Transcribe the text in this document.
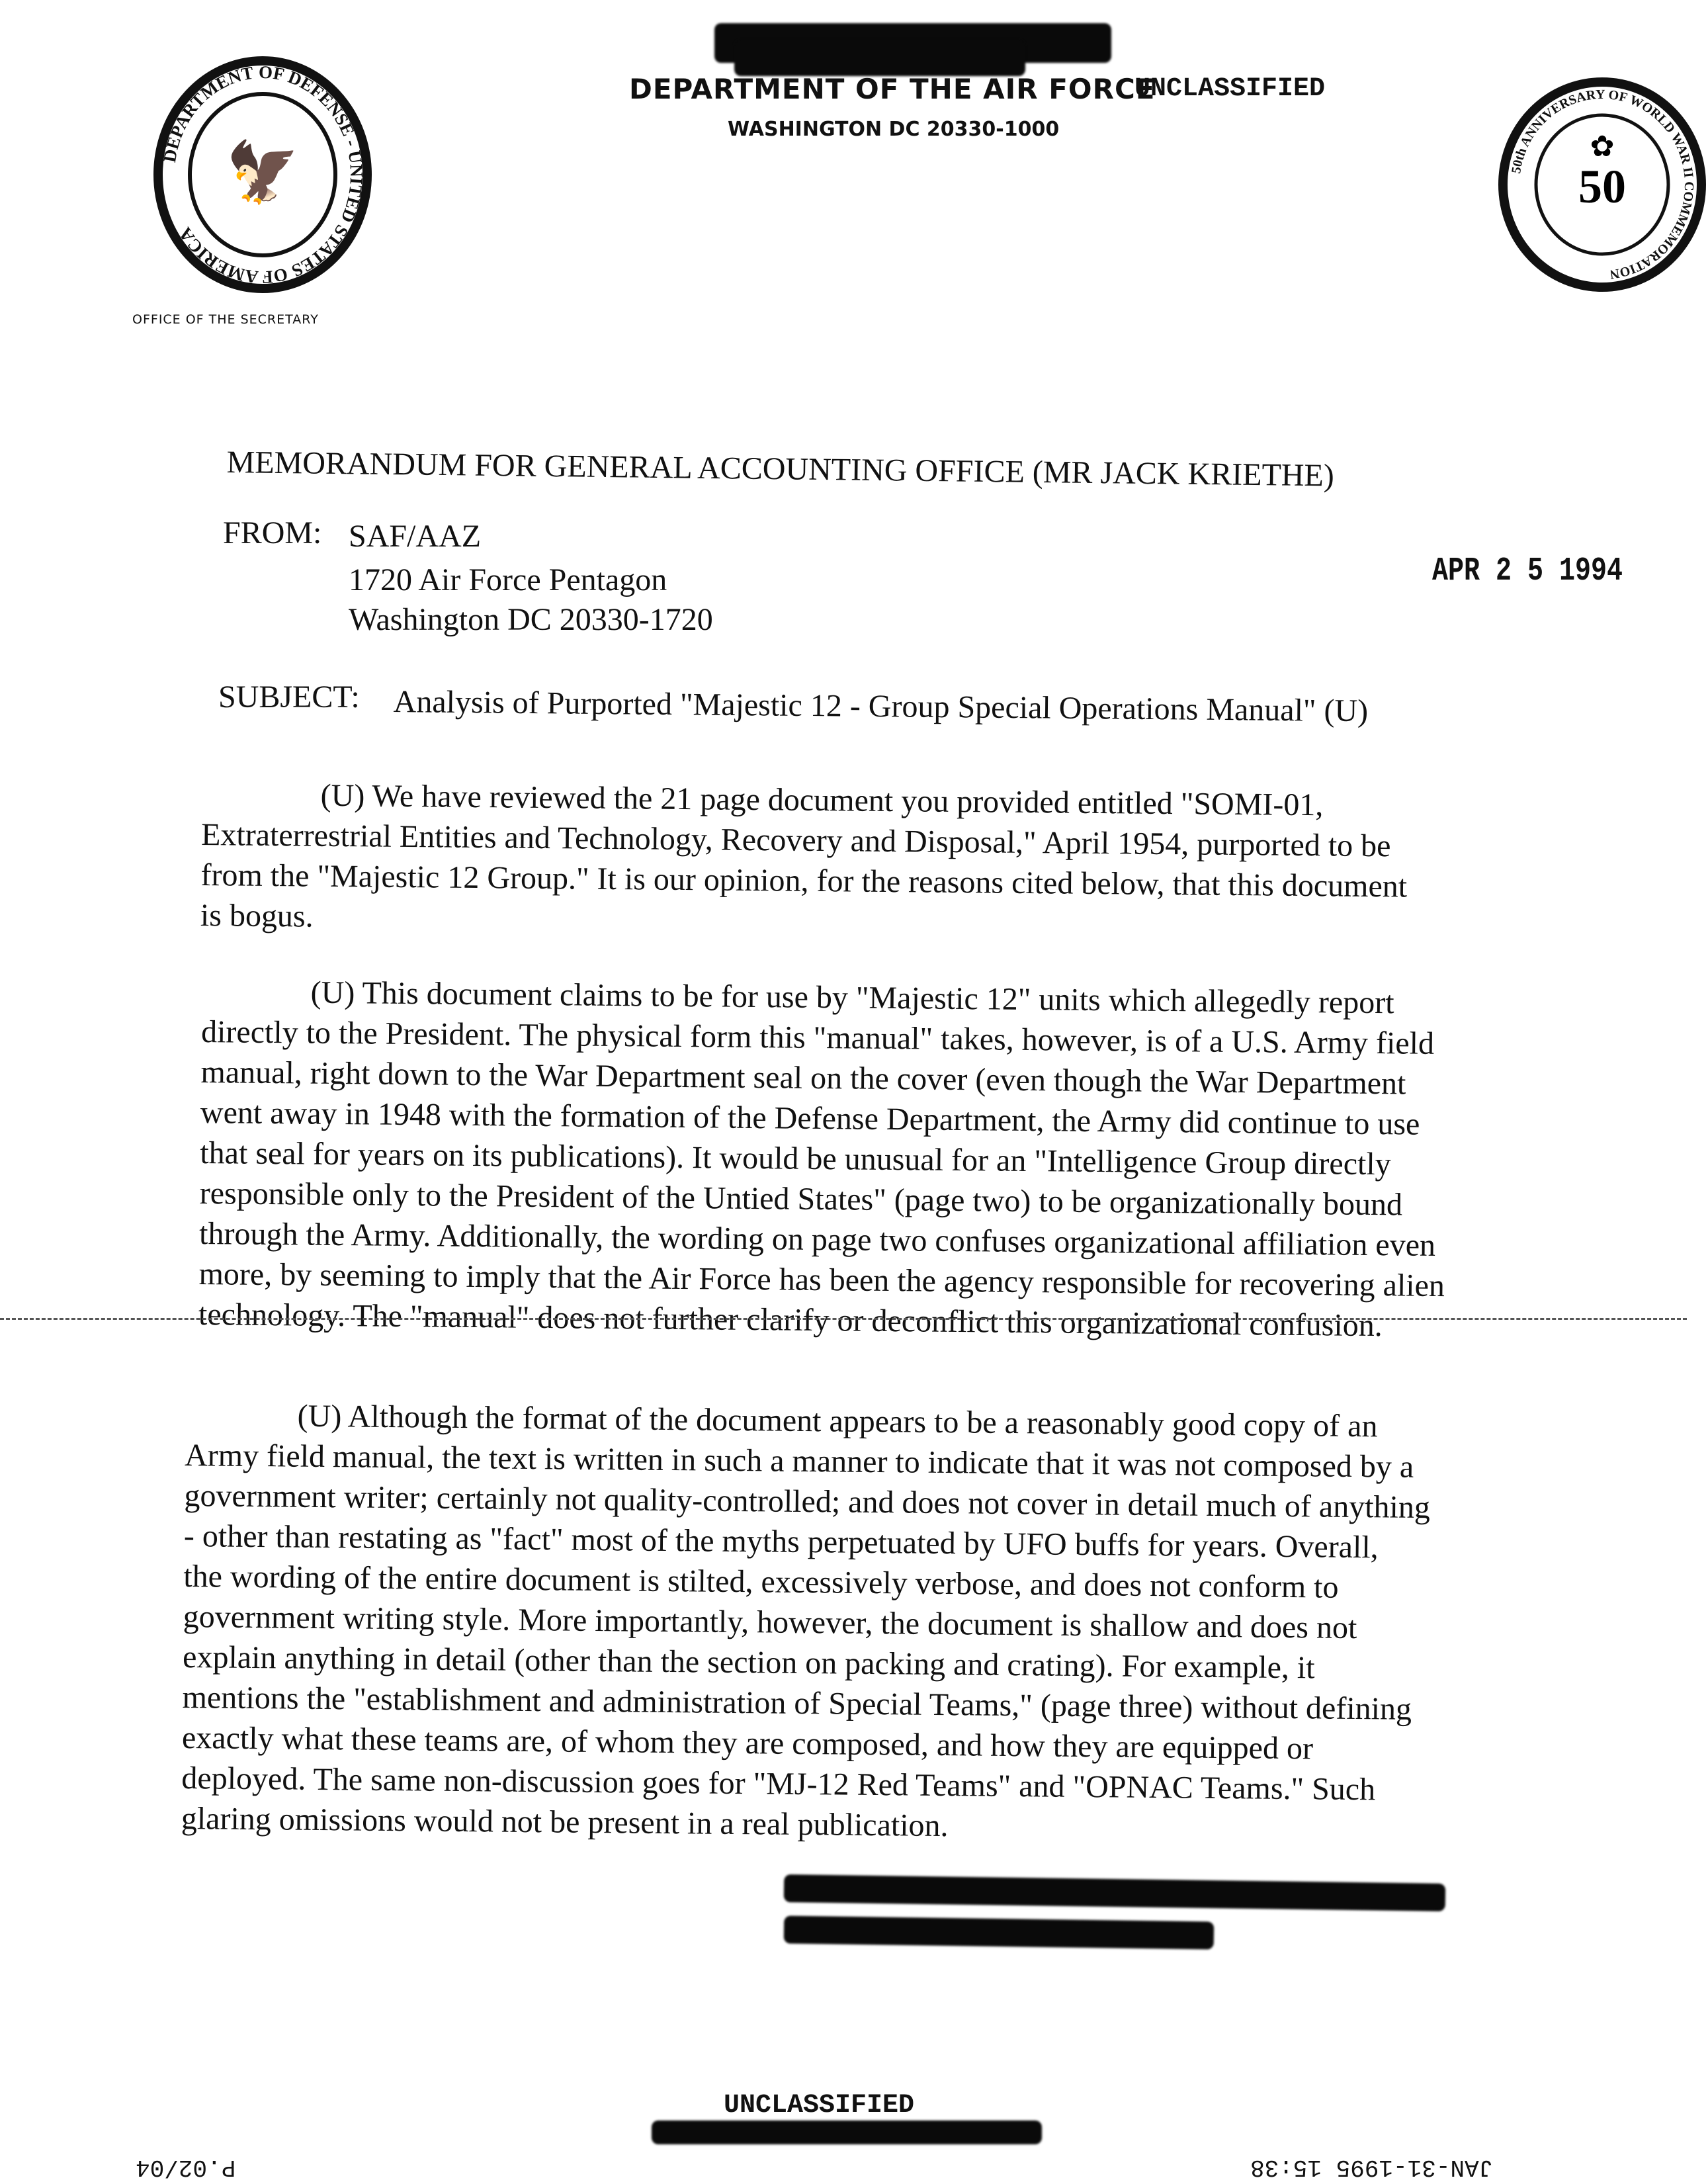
DEPARTMENT OF DEFENSE - UNITED STATES OF AMERICA
🦅
DEPARTMENT OF THE AIR FORCE
UNCLASSIFIED
WASHINGTON DC 20330-1000
OFFICE OF THE SECRETARY
50th ANNIVERSARY OF WORLD WAR II COMMEMORATION
✿
50
MEMORANDUM FOR GENERAL ACCOUNTING OFFICE (MR JACK KRIETHE)
FROM: SAF/AAZ
1720 Air Force Pentagon
Washington DC 20330-1720
APR 2 5 1994
SUBJECT: Analysis of Purported "Majestic 12 - Group Special Operations Manual" (U)
(U) We have reviewed the 21 page document you provided entitled "SOMI-01,
Extraterrestrial Entities and Technology, Recovery and Disposal," April 1954, purported to be
from the "Majestic 12 Group." It is our opinion, for the reasons cited below, that this document
is bogus.
(U) This document claims to be for use by "Majestic 12" units which allegedly report
directly to the President. The physical form this "manual" takes, however, is of a U.S. Army field
manual, right down to the War Department seal on the cover (even though the War Department
went away in 1948 with the formation of the Defense Department, the Army did continue to use
that seal for years on its publications). It would be unusual for an "Intelligence Group directly
responsible only to the President of the Untied States" (page two) to be organizationally bound
through the Army. Additionally, the wording on page two confuses organizational affiliation even
more, by seeming to imply that the Air Force has been the agency responsible for recovering alien
technology. The "manual" does not further clarify or deconflict this organizational confusion.
(U) Although the format of the document appears to be a reasonably good copy of an
Army field manual, the text is written in such a manner to indicate that it was not composed by a
government writer; certainly not quality-controlled; and does not cover in detail much of anything
- other than restating as "fact" most of the myths perpetuated by UFO buffs for years. Overall,
the wording of the entire document is stilted, excessively verbose, and does not conform to
government writing style. More importantly, however, the document is shallow and does not
explain anything in detail (other than the section on packing and crating). For example, it
mentions the "establishment and administration of Special Teams," (page three) without defining
exactly what these teams are, of whom they are composed, and how they are equipped or
deployed. The same non-discussion goes for "MJ-12 Red Teams" and "OPNAC Teams." Such
glaring omissions would not be present in a real publication.
UNCLASSIFIED
JAN-31-1995 15:38
P.02/04
